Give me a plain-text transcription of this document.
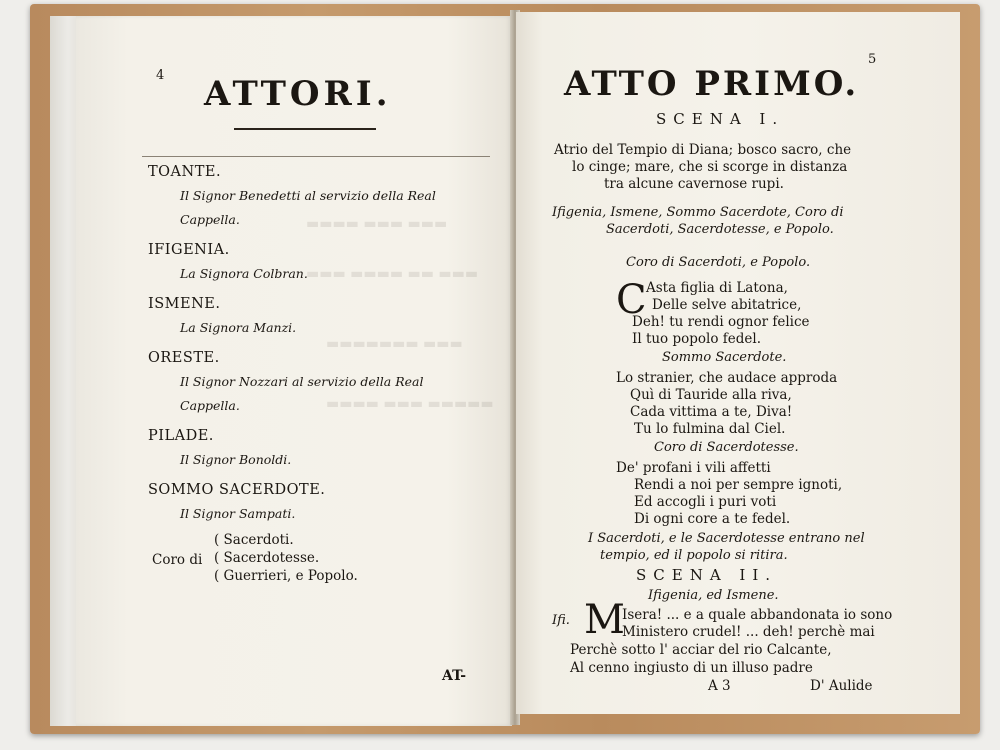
▬▬▬▬ ▬▬▬ ▬▬▬
▬▬▬ ▬▬▬▬ ▬▬ ▬▬▬
▬▬▬▬▬▬▬ ▬▬▬
▬▬▬▬ ▬▬▬ ▬▬▬▬▬
4 ATTORI.
TOANTE.
Il Signor Benedetti al servizio della Real
Cappella.
IFIGENIA.
La Signora Colbran.
ISMENE.
La Signora Manzi.
ORESTE.
Il Signor Nozzari al servizio della Real
Cappella.
PILADE.
Il Signor Bonoldi.
SOMMO SACERDOTE.
Il Signor Sampati.
Coro di
( Sacerdoti.
( Sacerdotesse.
( Guerrieri, e Popolo.
AT-
5
ATTO PRIMO.
SCENA I.
Atrio del Tempio di Diana; bosco sacro, che
lo cinge; mare, che si scorge in distanza
tra alcune cavernose rupi.
Ifigenia, Ismene, Sommo Sacerdote, Coro di
Sacerdoti, Sacerdotesse, e Popolo.
Coro di Sacerdoti, e Popolo.
C Asta figlia di Latona,
Delle selve abitatrice,
Deh! tu rendi ognor felice
Il tuo popolo fedel.
Sommo Sacerdote.
Lo stranier, che audace approda
Quì di Tauride alla riva,
Cada vittima a te, Diva!
Tu lo fulmina dal Ciel.
Coro di Sacerdotesse.
De' profani i vili affetti
Rendi a noi per sempre ignoti,
Ed accogli i puri voti
Di ogni core a te fedel.
I Sacerdoti, e le Sacerdotesse entrano nel
tempio, ed il popolo si ritira.
SCENA II.
Ifigenia, ed Ismene.
Ifi. M
Isera! ... e a quale abbandonata io sono
Ministero crudel! ... deh! perchè mai
Perchè sotto l' acciar del rio Calcante,
Al cenno ingiusto di un illuso padre
A 3	D' Aulide
